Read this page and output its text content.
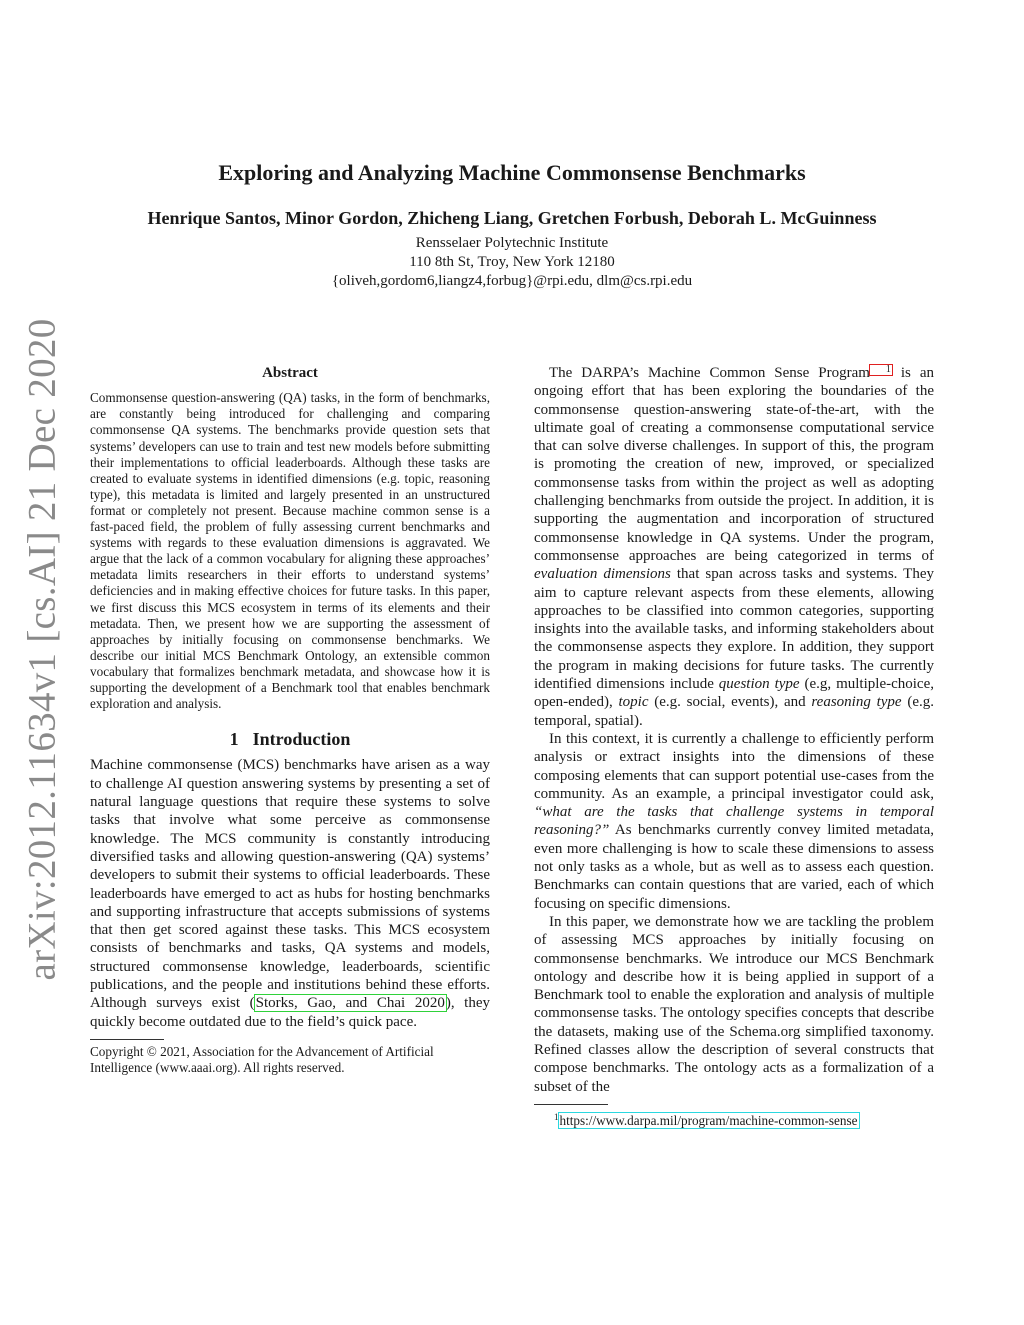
arXiv:2012.11634v1 [cs.AI] 21 Dec 2020
Exploring and Analyzing Machine Commonsense Benchmarks
Henrique Santos, Minor Gordon, Zhicheng Liang, Gretchen Forbush, Deborah L. McGuinness
Rensselaer Polytechnic Institute
110 8th St, Troy, New York 12180
{oliveh,gordom6,liangz4,forbug}@rpi.edu, dlm@cs.rpi.edu
Abstract

Commonsense question-answering (QA) tasks, in the form of benchmarks, are constantly being introduced for challenging and comparing commonsense QA systems. The benchmarks provide question sets that systems’ developers can use to train and test new models before submitting their implementations to official leaderboards. Although these tasks are created to evaluate systems in identified dimensions (e.g. topic, reasoning type), this metadata is limited and largely presented in an unstructured format or completely not present. Because machine common sense is a fast-paced field, the problem of fully assessing current benchmarks and systems with regards to these evaluation dimensions is aggravated. We argue that the lack of a common vocabulary for aligning these approaches’ metadata limits researchers in their efforts to understand systems’ deficiencies and in making effective choices for future tasks. In this paper, we first discuss this MCS ecosystem in terms of its elements and their metadata. Then, we present how we are supporting the assessment of approaches by initially focusing on commonsense benchmarks. We describe our initial MCS Benchmark Ontology, an extensible common vocabulary that formalizes benchmark metadata, and showcase how it is supporting the development of a Benchmark tool that enables benchmark exploration and analysis.

1 Introduction

Machine commonsense (MCS) benchmarks have arisen as a way to challenge AI question answering systems by presenting a set of natural language questions that require these systems to solve tasks that involve what some perceive as commonsense knowledge. The MCS community is constantly introducing diversified tasks and allowing question-answering (QA) systems’ developers to submit their systems to official leaderboards. These leaderboards have emerged to act as hubs for hosting benchmarks and supporting infrastructure that accepts submissions of systems that then get scored against these tasks. This MCS ecosystem consists of benchmarks and tasks, QA systems and models, structured commonsense knowledge, leaderboards, scientific publications, and the people and institutions behind these efforts. Although surveys exist (Storks, Gao, and Chai 2020), they quickly become outdated due to the field’s quick pace.

Copyright © 2021, Association for the Advancement of Artificial Intelligence (www.aaai.org). All rights reserved.

The DARPA’s Machine Common Sense Program 1 is an ongoing effort that has been exploring the boundaries of the commonsense question-answering state-of-the-art, with the ultimate goal of creating a commonsense computational service that can solve diverse challenges. In support of this, the program is promoting the creation of new, improved, or specialized commonsense tasks from within the project as well as adopting challenging benchmarks from outside the project. In addition, it is supporting the augmentation and incorporation of structured commonsense knowledge in QA systems. Under the program, commonsense approaches are being categorized in terms of evaluation dimensions that span across tasks and systems. They aim to capture relevant aspects from these elements, allowing approaches to be classified into common categories, supporting insights into the available tasks, and informing stakeholders about the commonsense aspects they explore. In addition, they support the program in making decisions for future tasks. The currently identified dimensions include question type (e.g, multiple-choice, open-ended), topic (e.g. social, events), and reasoning type (e.g. temporal, spatial).

In this context, it is currently a challenge to efficiently perform analysis or extract insights into the dimensions of these composing elements that can support potential use-cases from the community. As an example, a principal investigator could ask, “what are the tasks that challenge systems in temporal reasoning?” As benchmarks currently convey limited metadata, even more challenging is how to scale these dimensions to assess not only tasks as a whole, but as well as to assess each question. Benchmarks can contain questions that are varied, each of which focusing on specific dimensions.

In this paper, we demonstrate how we are tackling the problem of assessing MCS approaches by initially focusing on commonsense benchmarks. We introduce our MCS Benchmark ontology and describe how it is being applied in support of a Benchmark tool to enable the exploration and analysis of multiple commonsense tasks. The ontology specifies concepts that describe the datasets, making use of the Schema.org simplified taxonomy. Refined classes allow the description of several constructs that compose benchmarks. The ontology acts as a formalization of a subset of the

$^1$https://www.darpa.mil/program/machine-common-sense
